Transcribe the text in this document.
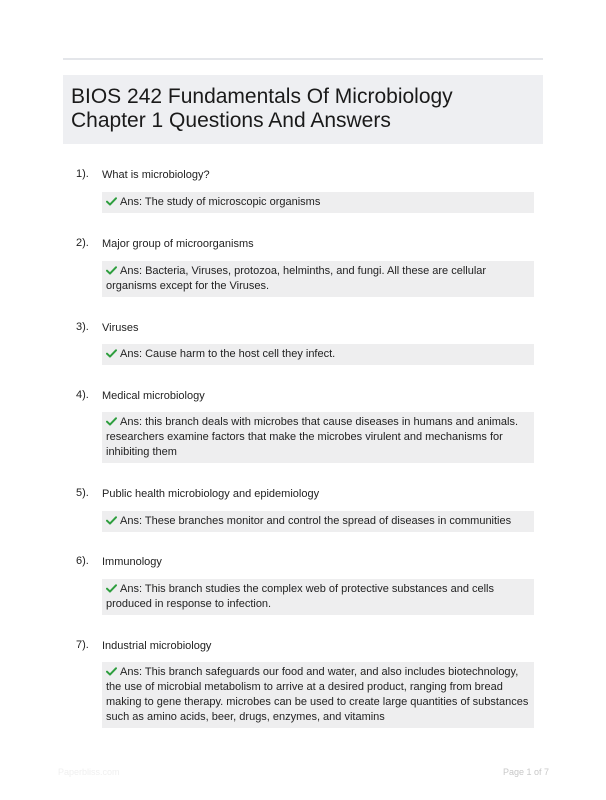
BIOS 242 Fundamentals Of Microbiology
Chapter 1 Questions And Answers
1). What is microbiology?
Ans: The study of microscopic organisms
2). Major group of microorganisms
Ans: Bacteria, Viruses, protozoa, helminths, and fungi. All these are cellular organisms except for the Viruses.
3). Viruses
Ans: Cause harm to the host cell they infect.
4). Medical microbiology
Ans: this branch deals with microbes that cause diseases in humans and animals. researchers examine factors that make the microbes virulent and mechanisms for inhibiting them
5). Public health microbiology and epidemiology
Ans: These branches monitor and control the spread of diseases in communities
6). Immunology
Ans: This branch studies the complex web of protective substances and cells produced in response to infection.
7). Industrial microbiology
Ans: This branch safeguards our food and water, and also includes biotechnology, the use of microbial metabolism to arrive at a desired product, ranging from bread making to gene therapy. microbes can be used to create large quantities of substances such as amino acids, beer, drugs, enzymes, and vitamins
Paperbliss.com	Page 1 of 7
